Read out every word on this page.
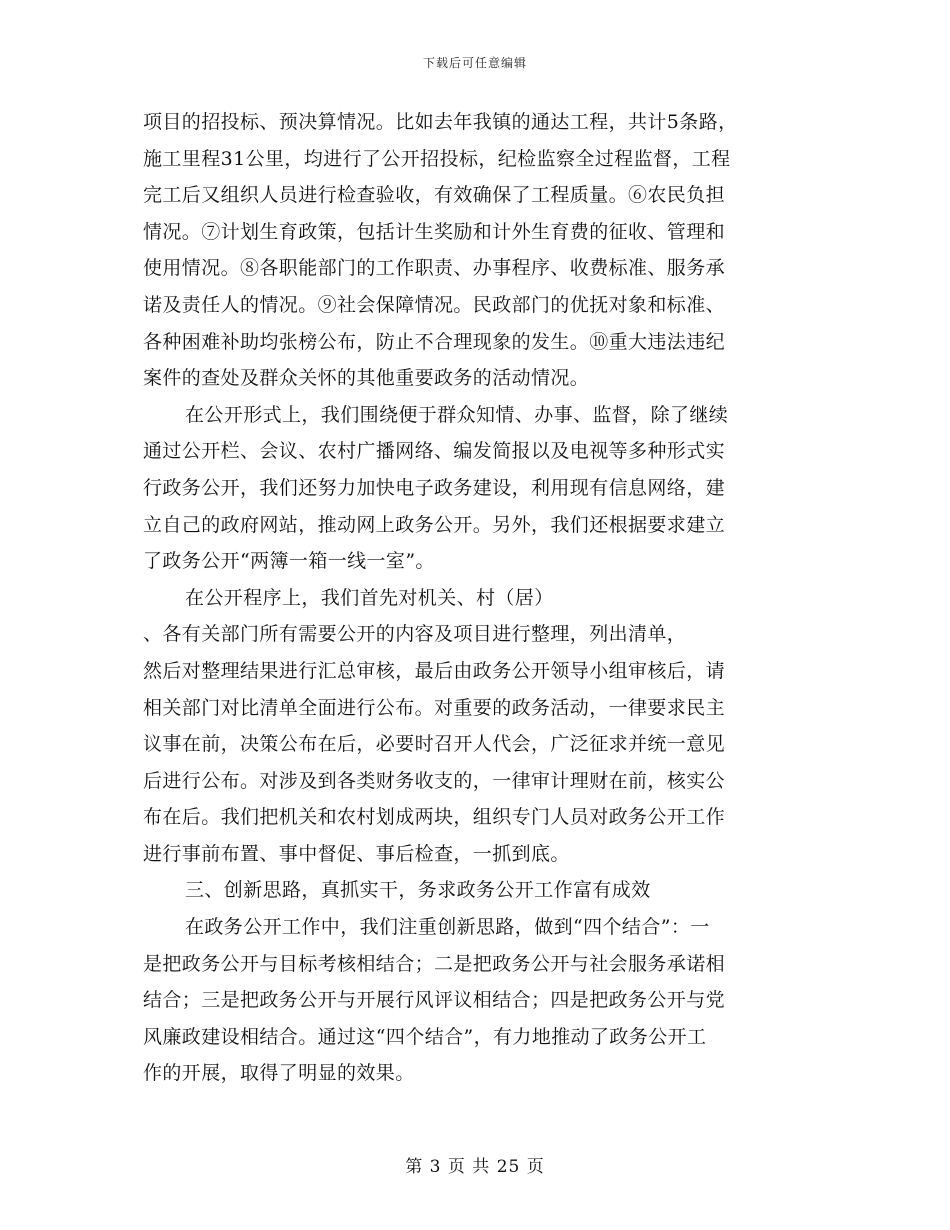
下载后可任意编辑
项目的招投标、预决算情况。比如去年我镇的通达工程，共计5条路，
施工里程31公里，均进行了公开招投标，纪检监察全过程监督，工程
完工后又组织人员进行检查验收，有效确保了工程质量。⑥农民负担
情况。⑦计划生育政策，包括计生奖励和计外生育费的征收、管理和
使用情况。⑧各职能部门的工作职责、办事程序、收费标准、服务承
诺及责任人的情况。⑨社会保障情况。民政部门的优抚对象和标准、
各种困难补助均张榜公布，防止不合理现象的发生。⑩重大违法违纪
案件的查处及群众关怀的其他重要政务的活动情况。
在公开形式上，我们围绕便于群众知情、办事、监督，除了继续
通过公开栏、会议、农村广播网络、编发简报以及电视等多种形式实
行政务公开，我们还努力加快电子政务建设，利用现有信息网络，建
立自己的政府网站，推动网上政务公开。另外，我们还根据要求建立
了政务公开“两簿一箱一线一室”。
在公开程序上，我们首先对机关、村（居）
、各有关部门所有需要公开的内容及项目进行整理，列出清单，
然后对整理结果进行汇总审核，最后由政务公开领导小组审核后，请
相关部门对比清单全面进行公布。对重要的政务活动，一律要求民主
议事在前，决策公布在后，必要时召开人代会，广泛征求并统一意见
后进行公布。对涉及到各类财务收支的，一律审计理财在前，核实公
布在后。我们把机关和农村划成两块，组织专门人员对政务公开工作
进行事前布置、事中督促、事后检查，一抓到底。
三、创新思路，真抓实干，务求政务公开工作富有成效
在政务公开工作中，我们注重创新思路，做到“四个结合”：一
是把政务公开与目标考核相结合；二是把政务公开与社会服务承诺相
结合；三是把政务公开与开展行风评议相结合；四是把政务公开与党
风廉政建设相结合。通过这“四个结合”，有力地推动了政务公开工
作的开展，取得了明显的效果。
第 3 页 共 25 页
